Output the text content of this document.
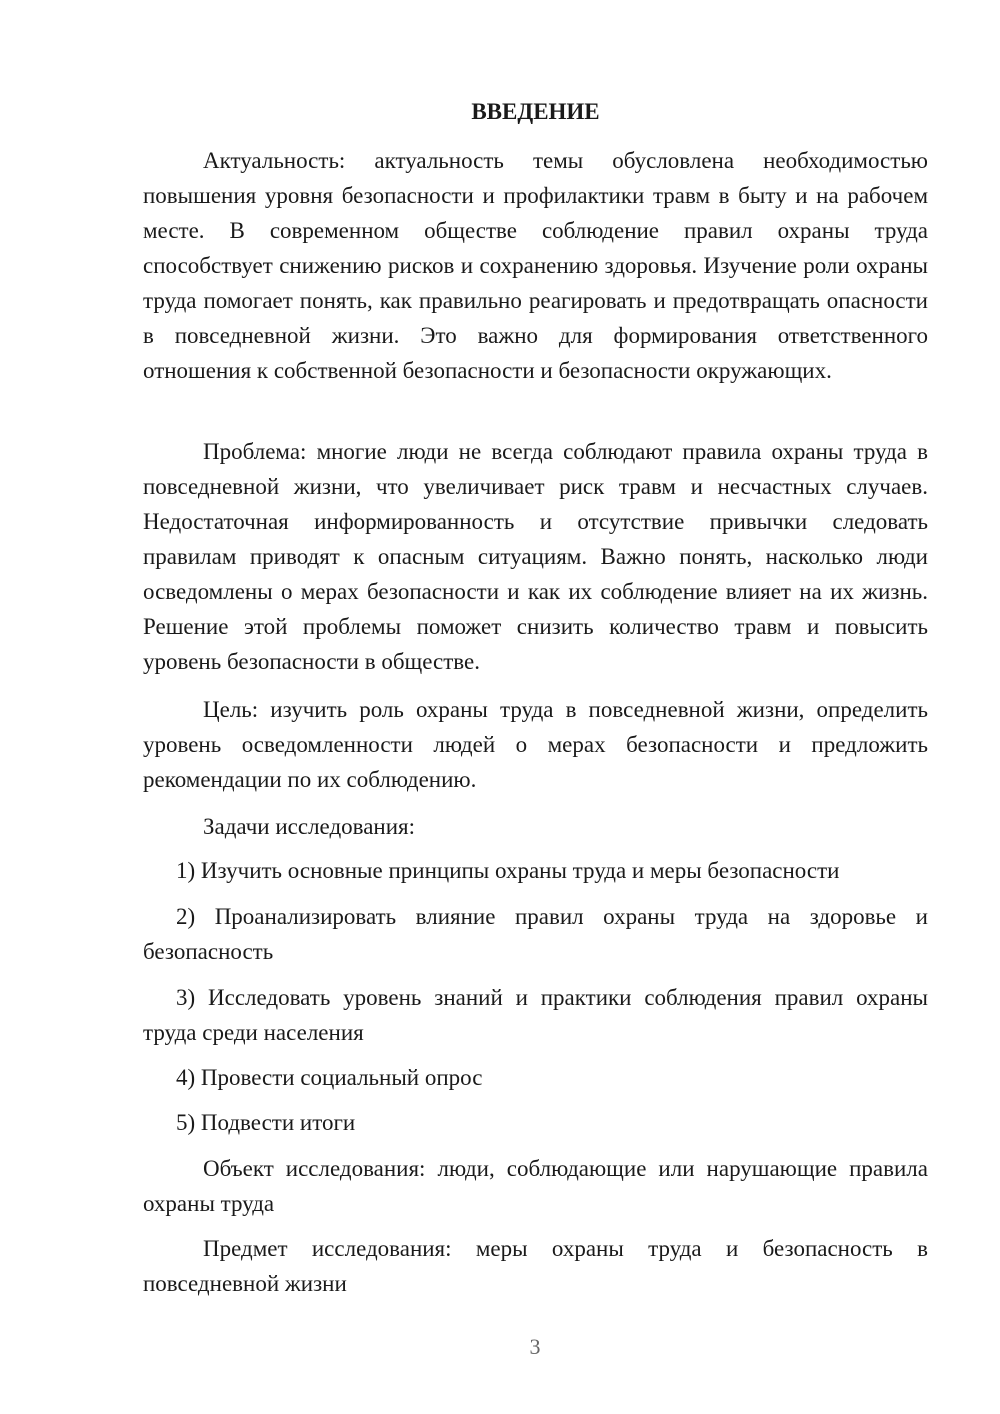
ВВЕДЕНИЕ

Актуальность: актуальность темы обусловлена необходимостью повышения уровня безопасности и профилактики травм в быту и на рабочем месте. В современном обществе соблюдение правил охраны труда способствует снижению рисков и сохранению здоровья. Изучение роли охраны труда помогает понять, как правильно реагировать и предотвращать опасности в повседневной жизни. Это важно для формирования ответственного отношения к собственной безопасности и безопасности окружающих.

Проблема: многие люди не всегда соблюдают правила охраны труда в повседневной жизни, что увеличивает риск травм и несчастных случаев. Недостаточная информированность и отсутствие привычки следовать правилам приводят к опасным ситуациям. Важно понять, насколько люди осведомлены о мерах безопасности и как их соблюдение влияет на их жизнь. Решение этой проблемы поможет снизить количество травм и повысить уровень безопасности в обществе.

Цель: изучить роль охраны труда в повседневной жизни, определить уровень осведомленности людей о мерах безопасности и предложить рекомендации по их соблюдению.

Задачи исследования:

1) Изучить основные принципы охраны труда и меры безопасности

2) Проанализировать влияние правил охраны труда на здоровье и безопасность

3) Исследовать уровень знаний и практики соблюдения правил охраны труда среди населения

4) Провести социальный опрос

5) Подвести итоги

Объект исследования: люди, соблюдающие или нарушающие правила охраны труда

Предмет исследования: меры охраны труда и безопасность в повседневной жизни

3
